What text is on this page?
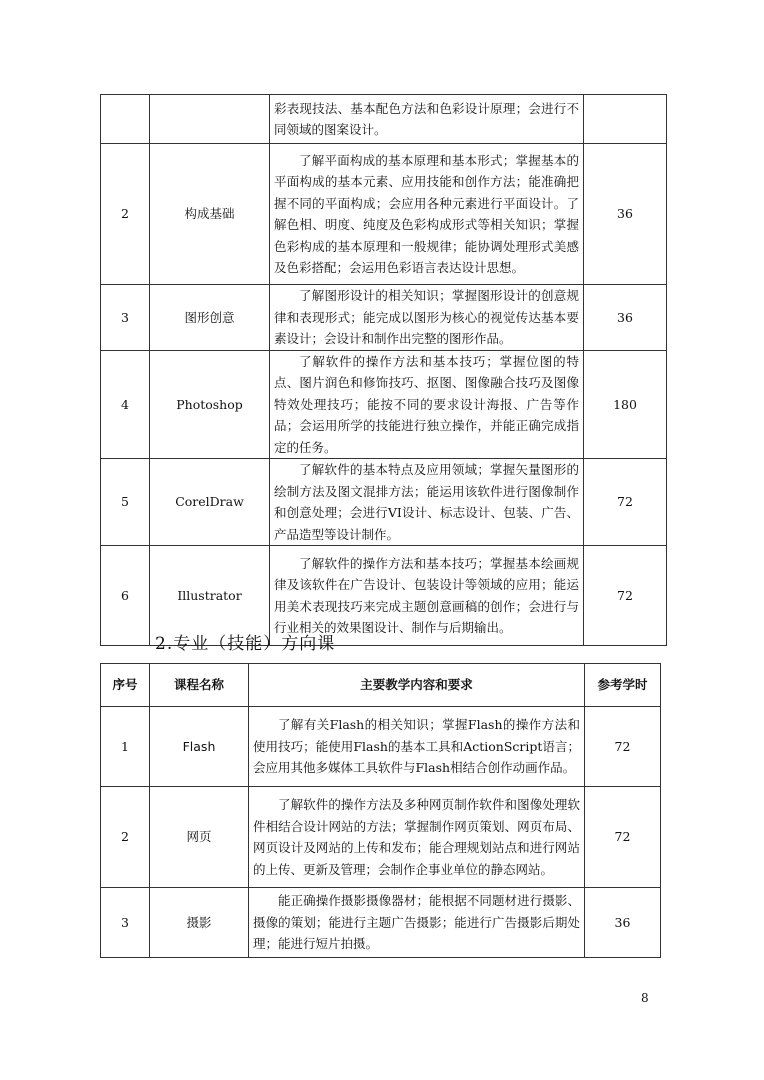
		彩表现技法、基本配色方法和色彩设计原理；会进行不同领域的图案设计。	
2	构成基础	了解平面构成的基本原理和基本形式；掌握基本的平面构成的基本元素、应用技能和创作方法；能准确把握不同的平面构成；会应用各种元素进行平面设计。了解色相、明度、纯度及色彩构成形式等相关知识；掌握色彩构成的基本原理和一般规律；能协调处理形式美感及色彩搭配；会运用色彩语言表达设计思想。	36
3	图形创意	了解图形设计的相关知识；掌握图形设计的创意规律和表现形式；能完成以图形为核心的视觉传达基本要素设计；会设计和制作出完整的图形作品。	36
4	Photoshop	了解软件的操作方法和基本技巧；掌握位图的特点、图片润色和修饰技巧、抠图、图像融合技巧及图像特效处理技巧；能按不同的要求设计海报、广告等作品；会运用所学的技能进行独立操作，并能正确完成指定的任务。	180
5	CorelDraw	了解软件的基本特点及应用领域；掌握矢量图形的绘制方法及图文混排方法；能运用该软件进行图像制作和创意处理；会进行VI设计、标志设计、包装、广告、产品造型等设计制作。	72
6	Illustrator	了解软件的操作方法和基本技巧；掌握基本绘画规律及该软件在广告设计、包装设计等领域的应用；能运用美术表现技巧来完成主题创意画稿的创作；会进行与行业相关的效果图设计、制作与后期输出。	72
2.专业（技能）方向课
序号	课程名称	主要教学内容和要求	参考学时
1	Flash	了解有关Flash的相关知识；掌握Flash的操作方法和使用技巧；能使用Flash的基本工具和ActionScript语言；会应用其他多媒体工具软件与Flash相结合创作动画作品。	72
2	网页	了解软件的操作方法及多种网页制作软件和图像处理软件相结合设计网站的方法；掌握制作网页策划、网页布局、网页设计及网站的上传和发布；能合理规划站点和进行网站的上传、更新及管理；会制作企事业单位的静态网站。	72
3	摄影	能正确操作摄影摄像器材；能根据不同题材进行摄影、摄像的策划；能进行主题广告摄影；能进行广告摄影后期处理；能进行短片拍摄。	36
8
